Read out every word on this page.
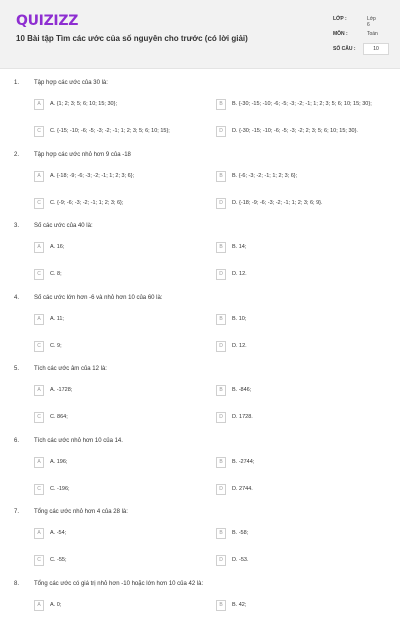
QUIZIZZ
10 Bài tập Tìm các ước của số nguyên cho trước (có lời giải)
LỚP :	Lớp 6
MÔN :	Toán
SỐ CÂU :	10
1. Tập hợp các ước của 30 là:
A	A. {1; 2; 3; 5; 6; 10; 15; 30};	B	B. {-30; -15; -10; -6; -5; -3; -2; -1; 1; 2; 3; 5; 6; 10; 15; 30};
C	C. {-15; -10; -6; -5; -3; -2; -1; 1; 2; 3; 5; 6; 10; 15};	D	D. {-30; -15; -10; -6; -5; -3; -2; 2; 3; 5; 6; 10; 15; 30}.
2. Tập hợp các ước nhỏ hơn 9 của -18
A	A. {-18; -9; -6; -3; -2; -1; 1; 2; 3; 6};	B	B. {-6; -3; -2; -1; 1; 2; 3; 6};
C	C. {-9; -6; -3; -2; -1; 1; 2; 3; 6};	D	D. {-18; -9; -6; -3; -2; -1; 1; 2; 3; 6; 9}.
3. Số các ước của 40 là:
A	A. 16;	B	B. 14;
C	C. 8;	D	D. 12.
4. Số các ước lớn hơn -6 và nhỏ hơn 10 của 60 là:
A	A. 11;	B	B. 10;
C	C. 9;	D	D. 12.
5. Tích các ước âm của 12 là:
A	A. -1728;	B	B. -846;
C	C. 864;	D	D. 1728.
6. Tích các ước nhỏ hơn 10 của 14.
A	A. 196;	B	B. -2744;
C	C. -196;	D	D. 2744.
7. Tổng các ước nhỏ hơn 4 của 28 là:
A	A. -54;	B	B. -58;
C	C. -55;	D	D. -53.
8. Tổng các ước có giá trị nhỏ hơn -10 hoặc lớn hơn 10 của 42 là:
A	A. 0;	B	B. 42;
